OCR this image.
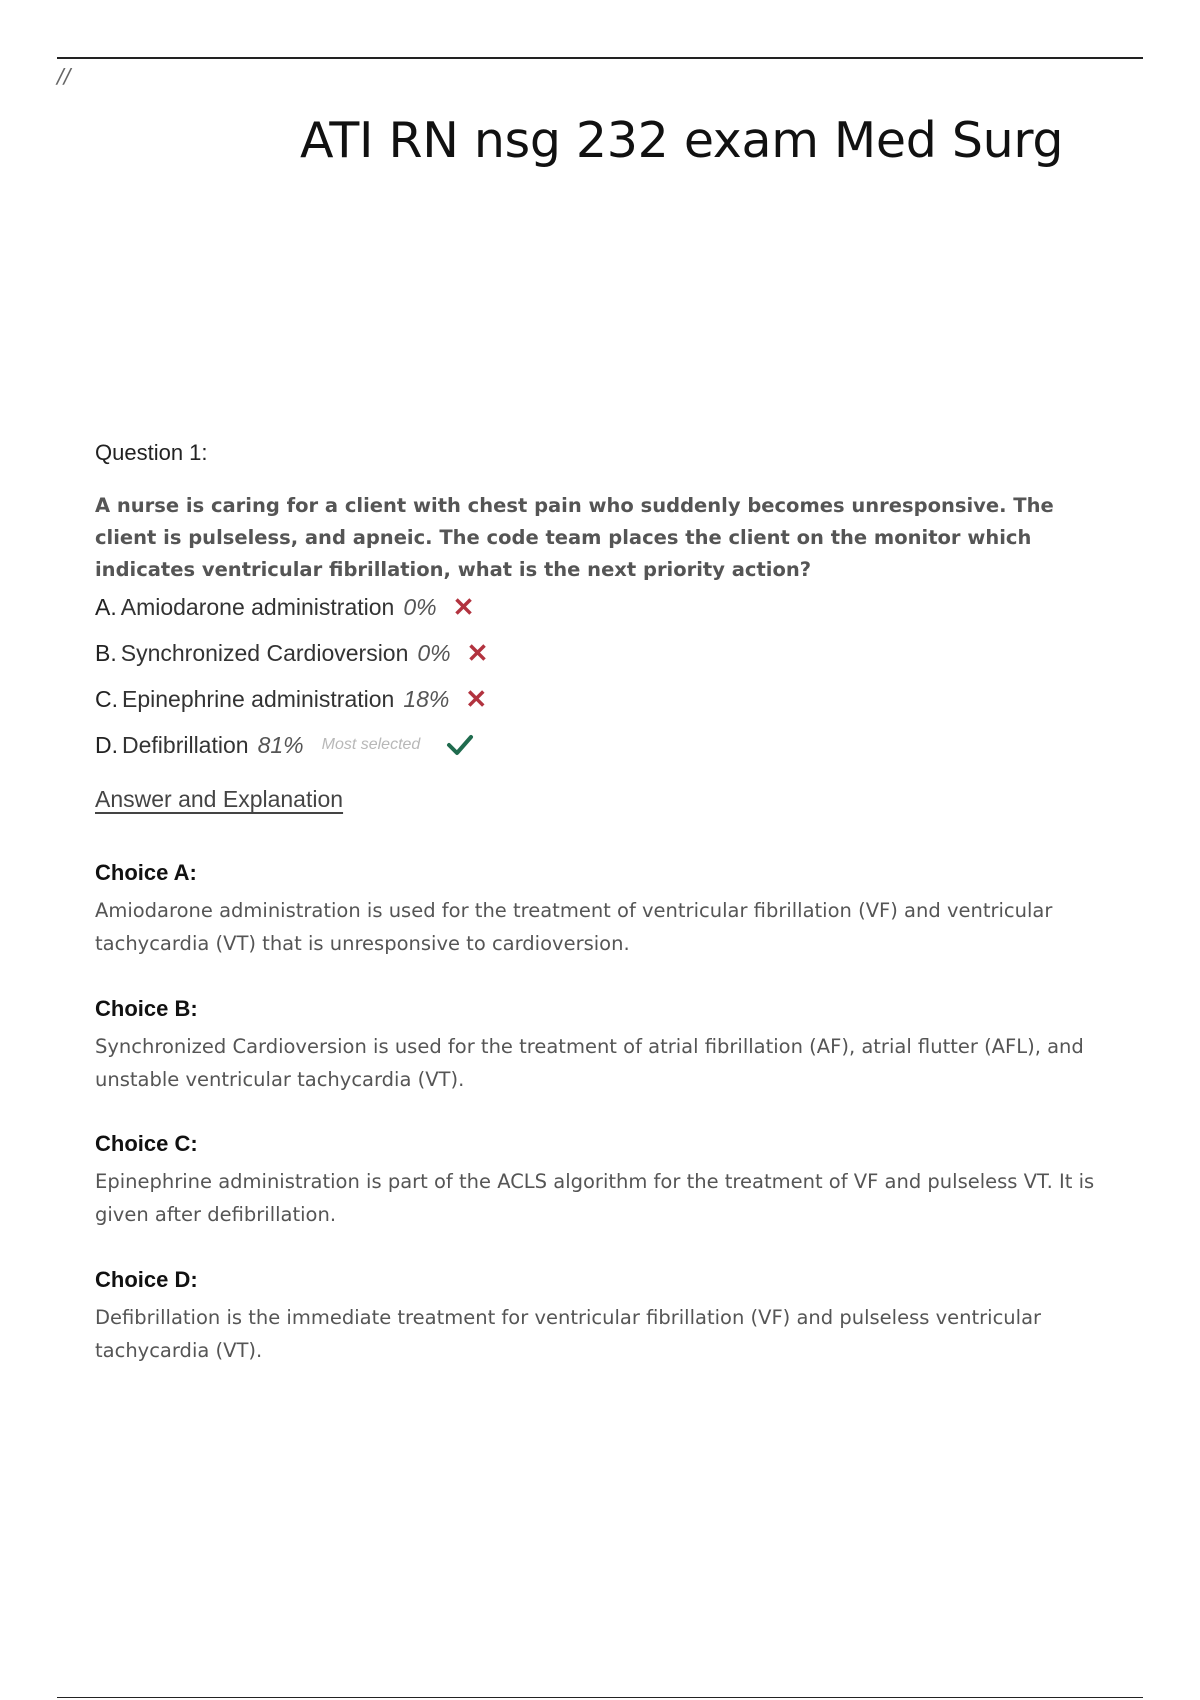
//
ATI RN nsg 232 exam Med Surg
Question 1:

A nurse is caring for a client with chest pain who suddenly becomes unresponsive. The client is pulseless, and apneic. The code team places the client on the monitor which indicates ventricular fibrillation, what is the next priority action?

A. Amiodarone administration 0% ✕
B. Synchronized Cardioversion 0% ✕
C. Epinephrine administration 18% ✕
D. Defibrillation 81% Most selected
Answer and Explanation
Choice A:

Amiodarone administration is used for the treatment of ventricular fibrillation (VF) and ventricular tachycardia (VT) that is unresponsive to cardioversion.

Choice B:

Synchronized Cardioversion is used for the treatment of atrial fibrillation (AF), atrial flutter (AFL), and unstable ventricular tachycardia (VT).

Choice C:

Epinephrine administration is part of the ACLS algorithm for the treatment of VF and pulseless VT. It is given after defibrillation.

Choice D:

Defibrillation is the immediate treatment for ventricular fibrillation (VF) and pulseless ventricular tachycardia (VT).
